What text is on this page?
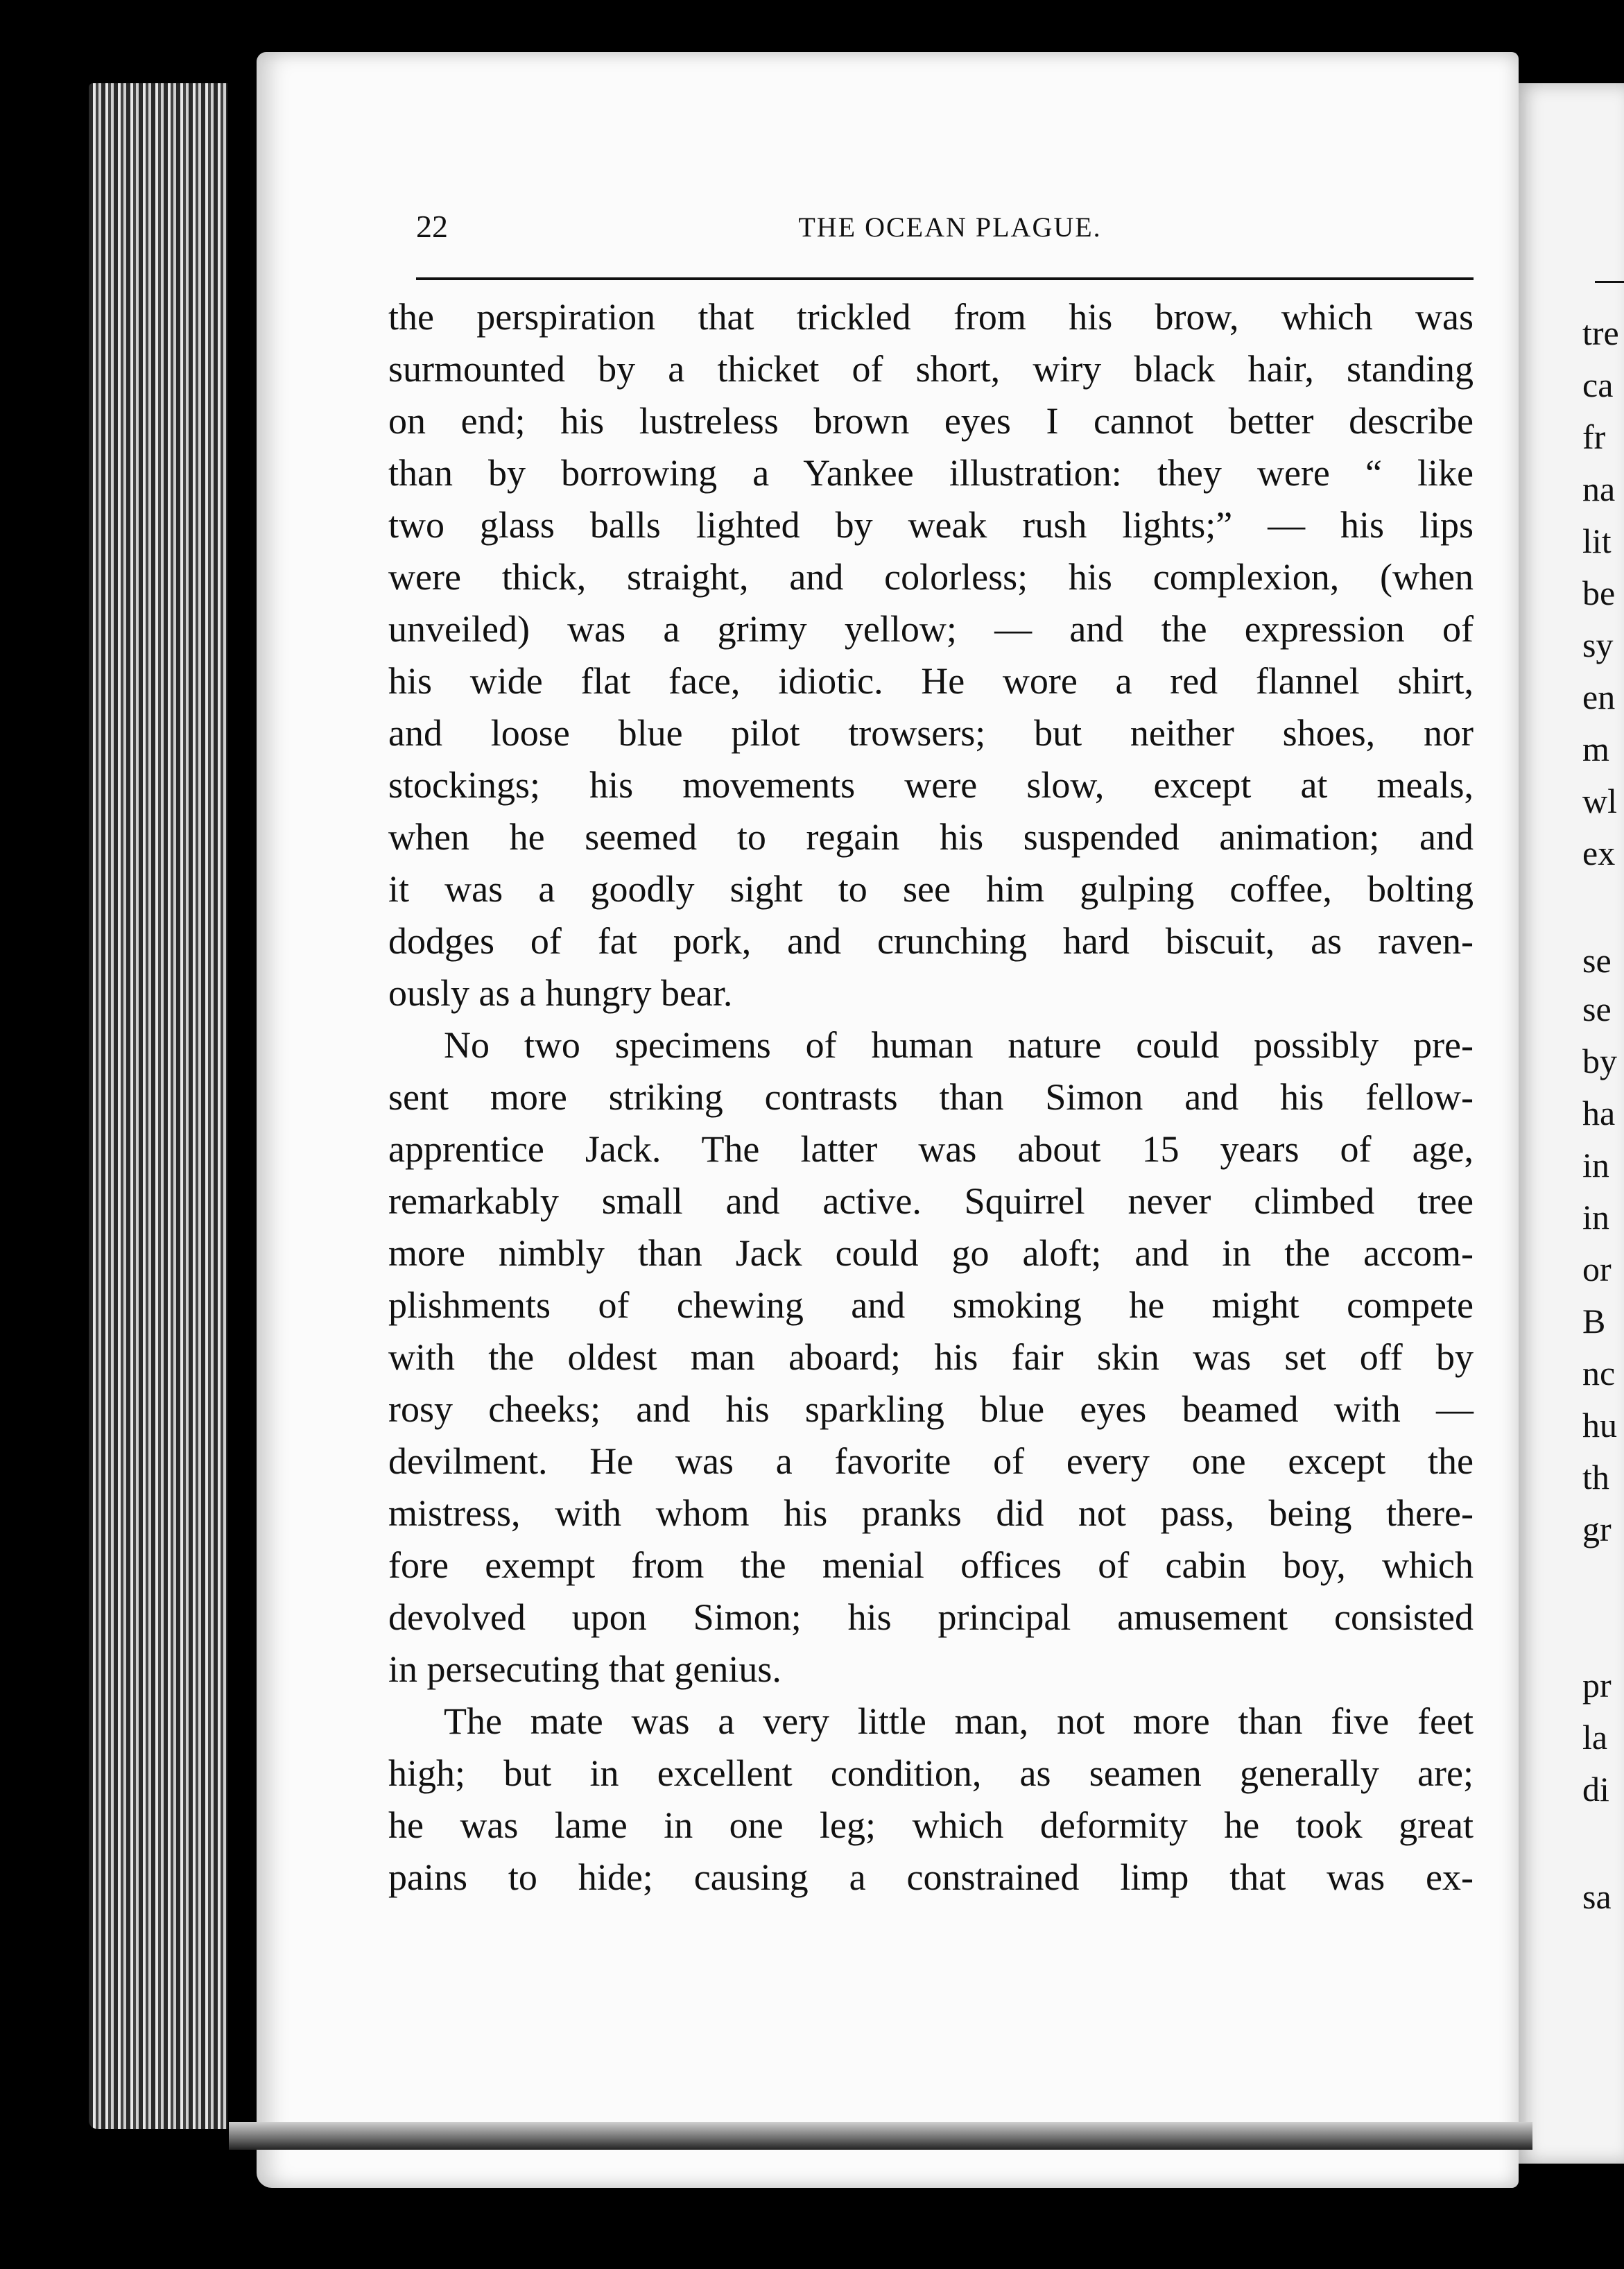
tre
ca
fr
na
lit
be
sy
en
m
wl
ex
se
se
by
ha
in
in
or
B
nc
hu
th
gr
pr
la
di
sa
22	THE OCEAN PLAGUE.
the perspiration that trickled from his brow, which was
surmounted by a thicket of short, wiry black hair, standing
on end; his lustreless brown eyes I cannot better describe
than by borrowing a Yankee illustration: they were “ like
two glass balls lighted by weak rush lights;” — his lips
were thick, straight, and colorless; his complexion, (when
unveiled) was a grimy yellow; — and the expression of
his wide flat face, idiotic. He wore a red flannel shirt,
and loose blue pilot trowsers; but neither shoes, nor
stockings; his movements were slow, except at meals,
when he seemed to regain his suspended animation; and
it was a goodly sight to see him gulping coffee, bolting
dodges of fat pork, and crunching hard biscuit, as raven-
ously as a hungry bear.
No two specimens of human nature could possibly pre-
sent more striking contrasts than Simon and his fellow-
apprentice Jack. The latter was about 15 years of age,
remarkably small and active. Squirrel never climbed tree
more nimbly than Jack could go aloft; and in the accom-
plishments of chewing and smoking he might compete
with the oldest man aboard; his fair skin was set off by
rosy cheeks; and his sparkling blue eyes beamed with —
devilment. He was a favorite of every one except the
mistress, with whom his pranks did not pass, being there-
fore exempt from the menial offices of cabin boy, which
devolved upon Simon; his principal amusement consisted
in persecuting that genius.
The mate was a very little man, not more than five feet
high; but in excellent condition, as seamen generally are;
he was lame in one leg; which deformity he took great
pains to hide; causing a constrained limp that was ex-
